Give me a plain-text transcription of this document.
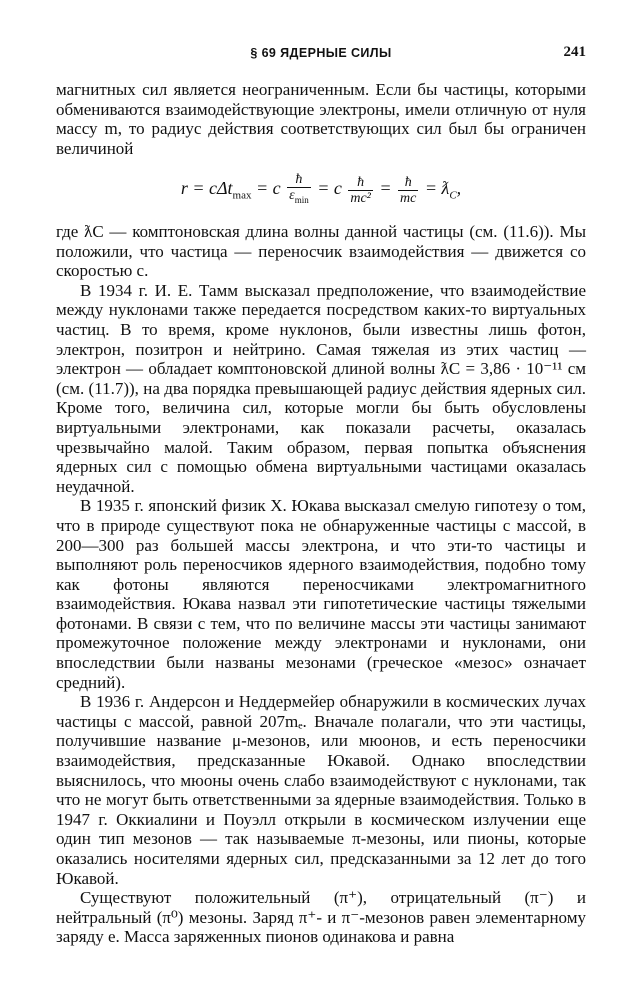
§ 69 ЯДЕРНЫЕ СИЛЫ	241

магнитных сил является неограниченным. Если бы частицы, которыми обмениваются взаимодействующие электроны, имели отличную от нуля массу m, то радиус действия соответствующих сил был бы ограничен величиной

r = cΔt$_{max}$ = c $\frac{ħ}{\varepsilon_{min}} = c \frac{ħ}{\text{mc²}} = \frac{ħ}{mc}$ = $ƛ_C$,

где ƛC — комптоновская длина волны данной частицы (см. (11.6)). Мы положили, что частица — переносчик взаимодействия — движется со скоростью c.

В 1934 г. И. Е. Тамм высказал предположение, что взаимодействие между нуклонами также передается посредством каких-то виртуальных частиц. В то время, кроме нуклонов, были известны лишь фотон, электрон, позитрон и нейтрино. Самая тяжелая из этих частиц — электрон — обладает комптоновской длиной волны ƛC = 3,86 · 10⁻¹¹ см (см. (11.7)), на два порядка превышающей радиус действия ядерных сил. Кроме того, величина сил, которые могли бы быть обусловлены виртуальными электронами, как показали расчеты, оказалась чрезвычайно малой. Таким образом, первая попытка объяснения ядерных сил с помощью обмена виртуальными частицами оказалась неудачной.

В 1935 г. японский физик Х. Юкава высказал смелую гипотезу о том, что в природе существуют пока не обнаруженные частицы с массой, в 200—300 раз большей массы электрона, и что эти-то частицы и выполняют роль переносчиков ядерного взаимодействия, подобно тому как фотоны являются переносчиками электромагнитного взаимодействия. Юкава назвал эти гипотетические частицы тяжелыми фотонами. В связи с тем, что по величине массы эти частицы занимают промежуточное положение между электронами и нуклонами, они впоследствии были названы мезонами (греческое «мезос» означает средний).

В 1936 г. Андерсон и Неддермейер обнаружили в космических лучах частицы с массой, равной 207mₑ. Вначале полагали, что эти частицы, получившие название μ-мезонов, или мюонов, и есть переносчики взаимодействия, предсказанные Юкавой. Однако впоследствии выяснилось, что мюоны очень слабо взаимодействуют с нуклонами, так что не могут быть ответственными за ядерные взаимодействия. Только в 1947 г. Оккиалини и Поуэлл открыли в космическом излучении еще один тип мезонов — так называемые π-мезоны, или пионы, которые оказались носителями ядерных сил, предсказанными за 12 лет до того Юкавой.

Существуют положительный (π⁺), отрицательный (π⁻) и нейтральный (π⁰) мезоны. Заряд π⁺- и π⁻-мезонов равен элементарному заряду e. Масса заряженных пионов одинакова и равна
